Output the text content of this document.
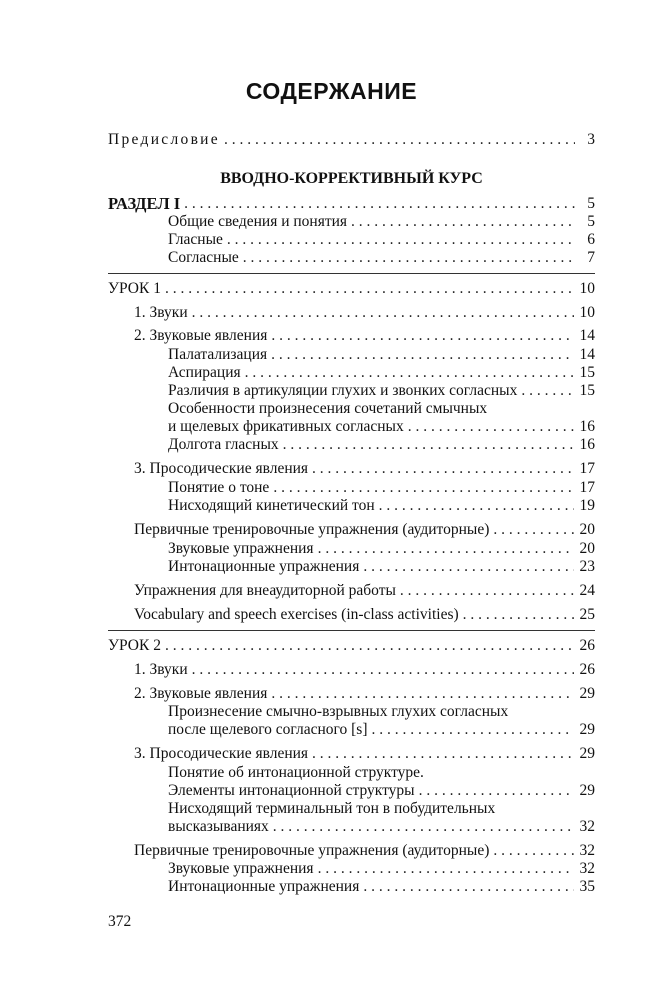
СОДЕРЖАНИЕ
Предисловие . . .	3
ВВОДНО-КОРРЕКТИВНЫЙ КУРС
РАЗДЕЛ I . . .	5
Общие сведения и понятия . . .	5
Гласные . . .	6
Согласные . . .	7
УРОК 1 . . .	10
1. Звуки . . .	10
2. Звуковые явления . . .	14
Палатализация . . .	14
Аспирация . . .	15
Различия в артикуляции глухих и звонких согласных . . .	15
Особенности произнесения сочетаний смычных
и щелевых фрикативных согласных . . .	16
Долгота гласных . . .	16
3. Просодические явления . . .	17
Понятие о тоне . . .	17
Нисходящий кинетический тон . . .	19
Первичные тренировочные упражнения (аудиторные) . . .	20
Звуковые упражнения . . .	20
Интонационные упражнения . . .	23
Упражнения для внеаудиторной работы . . .	24
Vocabulary and speech exercises (in-class activities) . . .	25
УРОК 2 . . .	26
1. Звуки . . .	26
2. Звуковые явления . . .	29
Произнесение смычно-взрывных глухих согласных
после щелевого согласного [s] . . .	29
3. Просодические явления . . .	29
Понятие об интонационной структуре.
Элементы интонационной структуры . . .	29
Нисходящий терминальный тон в побудительных
высказываниях . . .	32
Первичные тренировочные упражнения (аудиторные) . . .	32
Звуковые упражнения . . .	32
Интонационные упражнения . . .	35
372
